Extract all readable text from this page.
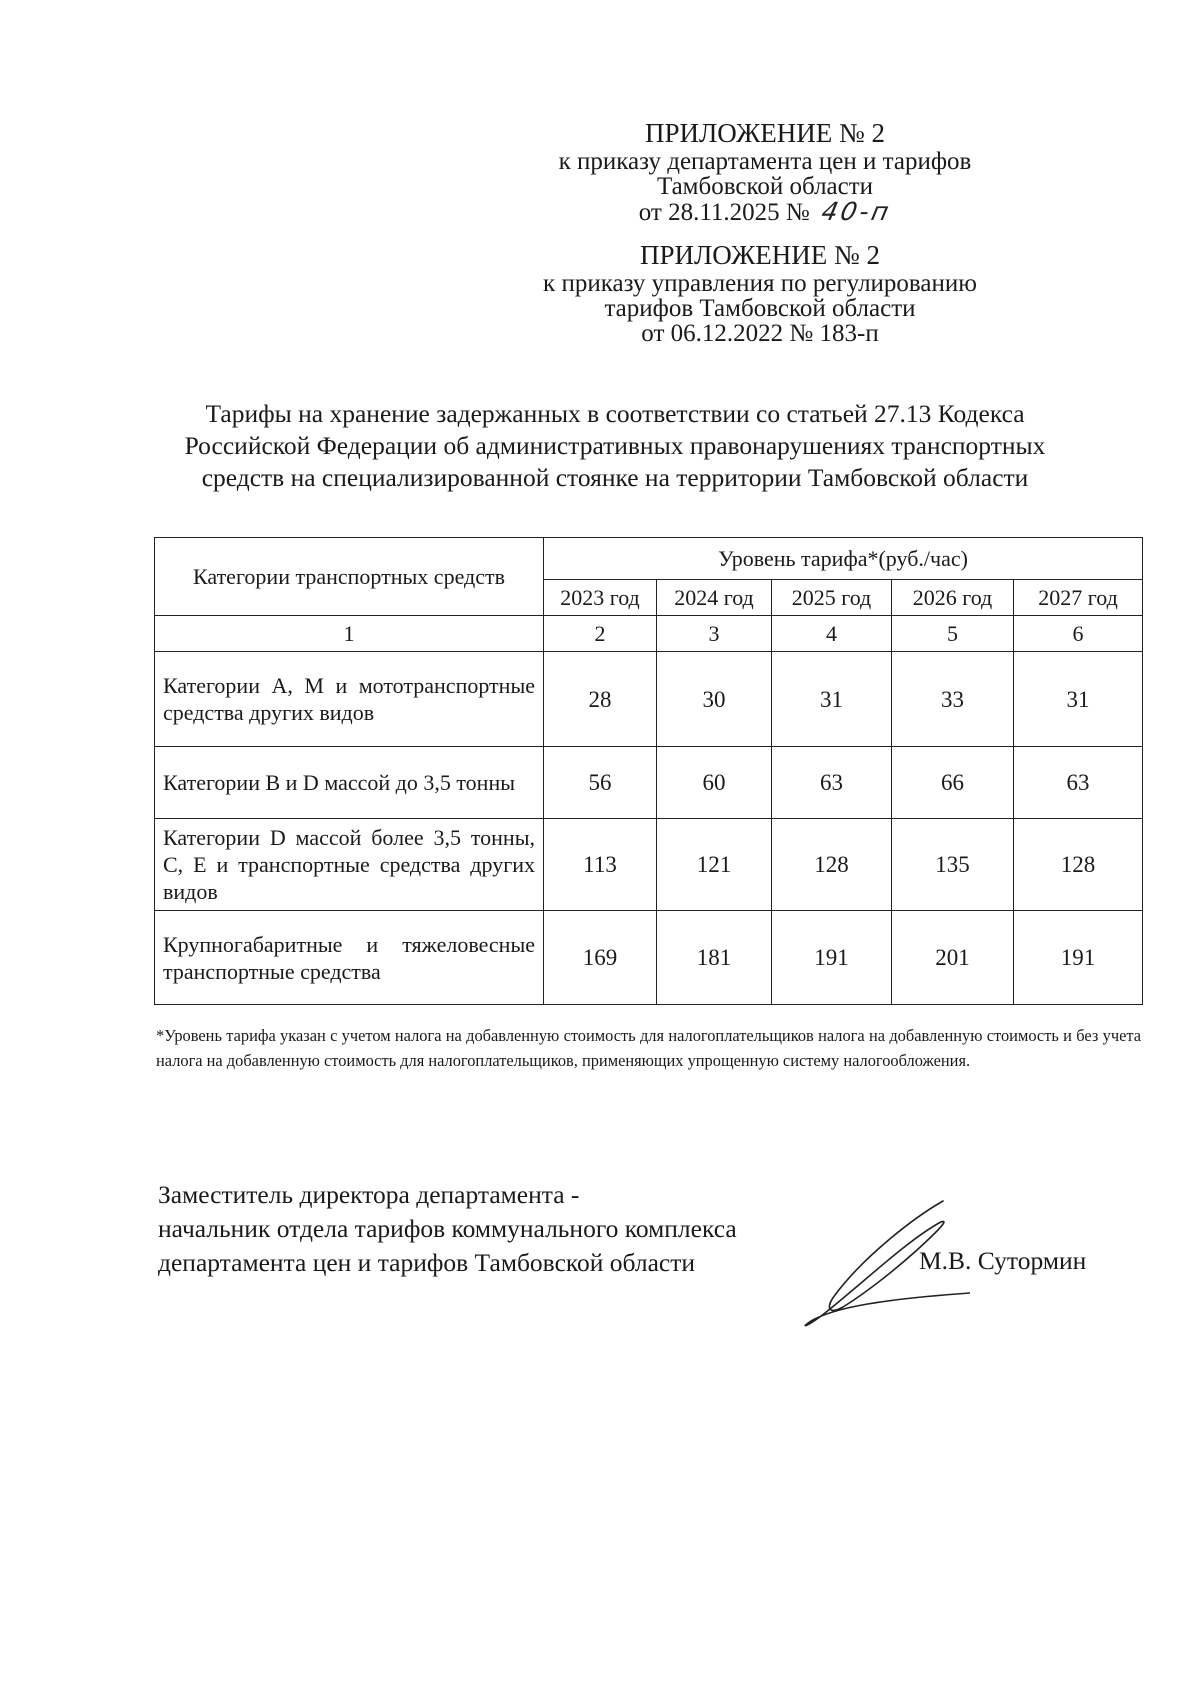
ПРИЛОЖЕНИЕ № 2
к приказу департамента цен и тарифов
Тамбовской области
от 28.11.2025 № 40-п
ПРИЛОЖЕНИЕ № 2
к приказу управления по регулированию
тарифов Тамбовской области
от 06.12.2022 № 183-п
Тарифы на хранение задержанных в соответствии со статьей 27.13 Кодекса
Российской Федерации об административных правонарушениях транспортных
средств на специализированной стоянке на территории Тамбовской области
Категории транспортных средств	Уровень тарифа*(руб./час)				
	2023 год	2024 год	2025 год	2026 год	2027 год
1	2	3	4	5	6
Категории А, М и мототранспортные средства других видов	28	30	31	33	31
Категории В и D массой до 3,5 тонны	56	60	63	66	63
Категории D массой более 3,5 тонны, С, Е и транспортные средства других видов	113	121	128	135	128
Крупногабаритные и тяжеловесные транспортные средства	169	181	191	201	191
*Уровень тарифа указан с учетом налога на добавленную стоимость для налогоплательщиков налога на добавленную стоимость и без учета налога на добавленную стоимость для налогоплательщиков, применяющих упрощенную систему налогообложения.
Заместитель директора департамента -
начальник отдела тарифов коммунального комплекса
департамента цен и тарифов Тамбовской области	М.В. Сутормин
